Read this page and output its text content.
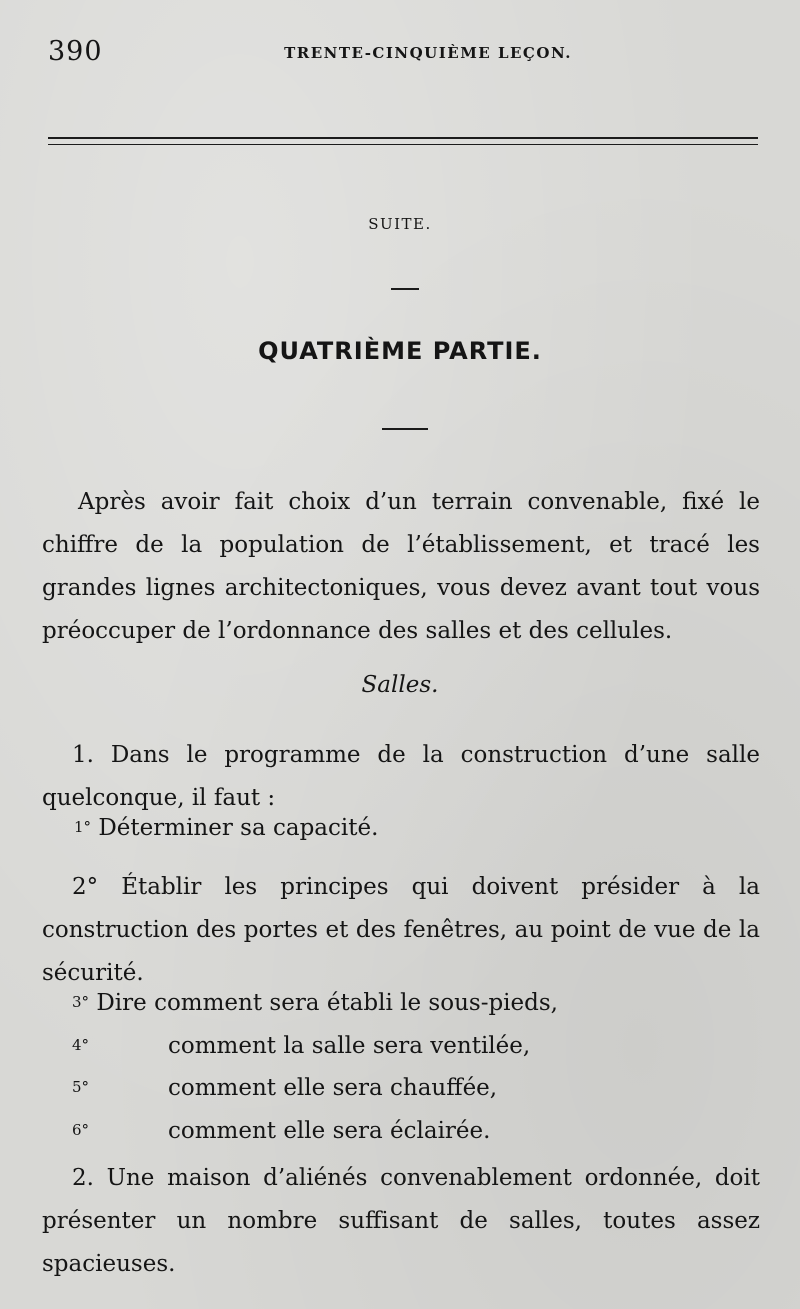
390	TRENTE-CINQUIÈME LEÇON.
SUITE.
QUATRIÈME PARTIE.
Après avoir fait choix d’un terrain convenable, fixé le chiffre de la population de l’établissement, et tracé les grandes lignes architectoniques, vous devez avant tout vous préoccuper de l’ordonnance des salles et des cellules.
Salles.
1. Dans le programme de la construction d’une salle quelconque, il faut :
1° Déterminer sa capacité.
2° Établir les principes qui doivent présider à la construction des portes et des fenêtres, au point de vue de la sécurité.
3° Dire comment sera établi le sous-pieds,
4°	comment la salle sera ventilée,
5°	comment elle sera chauffée,
6°	comment elle sera éclairée.
2. Une maison d’aliénés convenablement ordonnée, doit présenter un nombre suffisant de salles, toutes assez spacieuses.
